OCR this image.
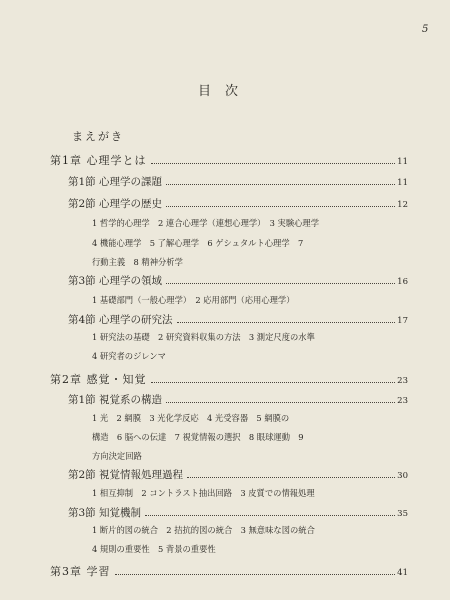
5
目次
まえがき
第1章 心理学とは	11
第1節 心理学の課題	11
第2節 心理学の歴史	12
1 哲学的心理学　2 連合心理学（連想心理学）　3 実験心理学
4 機能心理学　5 了解心理学　6 ゲシュタルト心理学　7
行動主義　8 精神分析学
第3節 心理学の領域	16
1 基礎部門（一般心理学）　2 応用部門（応用心理学）
第4節 心理学の研究法	17
1 研究法の基礎　2 研究資料収集の方法　3 測定尺度の水準
4 研究者のジレンマ
第2章 感覚・知覚	23
第1節 視覚系の構造	23
1 光　2 網膜　3 光化学反応　4 光受容器　5 網膜の
構造　6 脳への伝達　7 視覚情報の選択　8 眼球運動　9
方向決定回路
第2節 視覚情報処理過程	30
1 相互抑制　2 コントラスト抽出回路　3 皮質での情報処理
第3節 知覚機制	35
1 断片的図の統合　2 拮抗的図の統合　3 無意味な図の統合
4 規則の重要性　5 背景の重要性
第3章 学習	41
